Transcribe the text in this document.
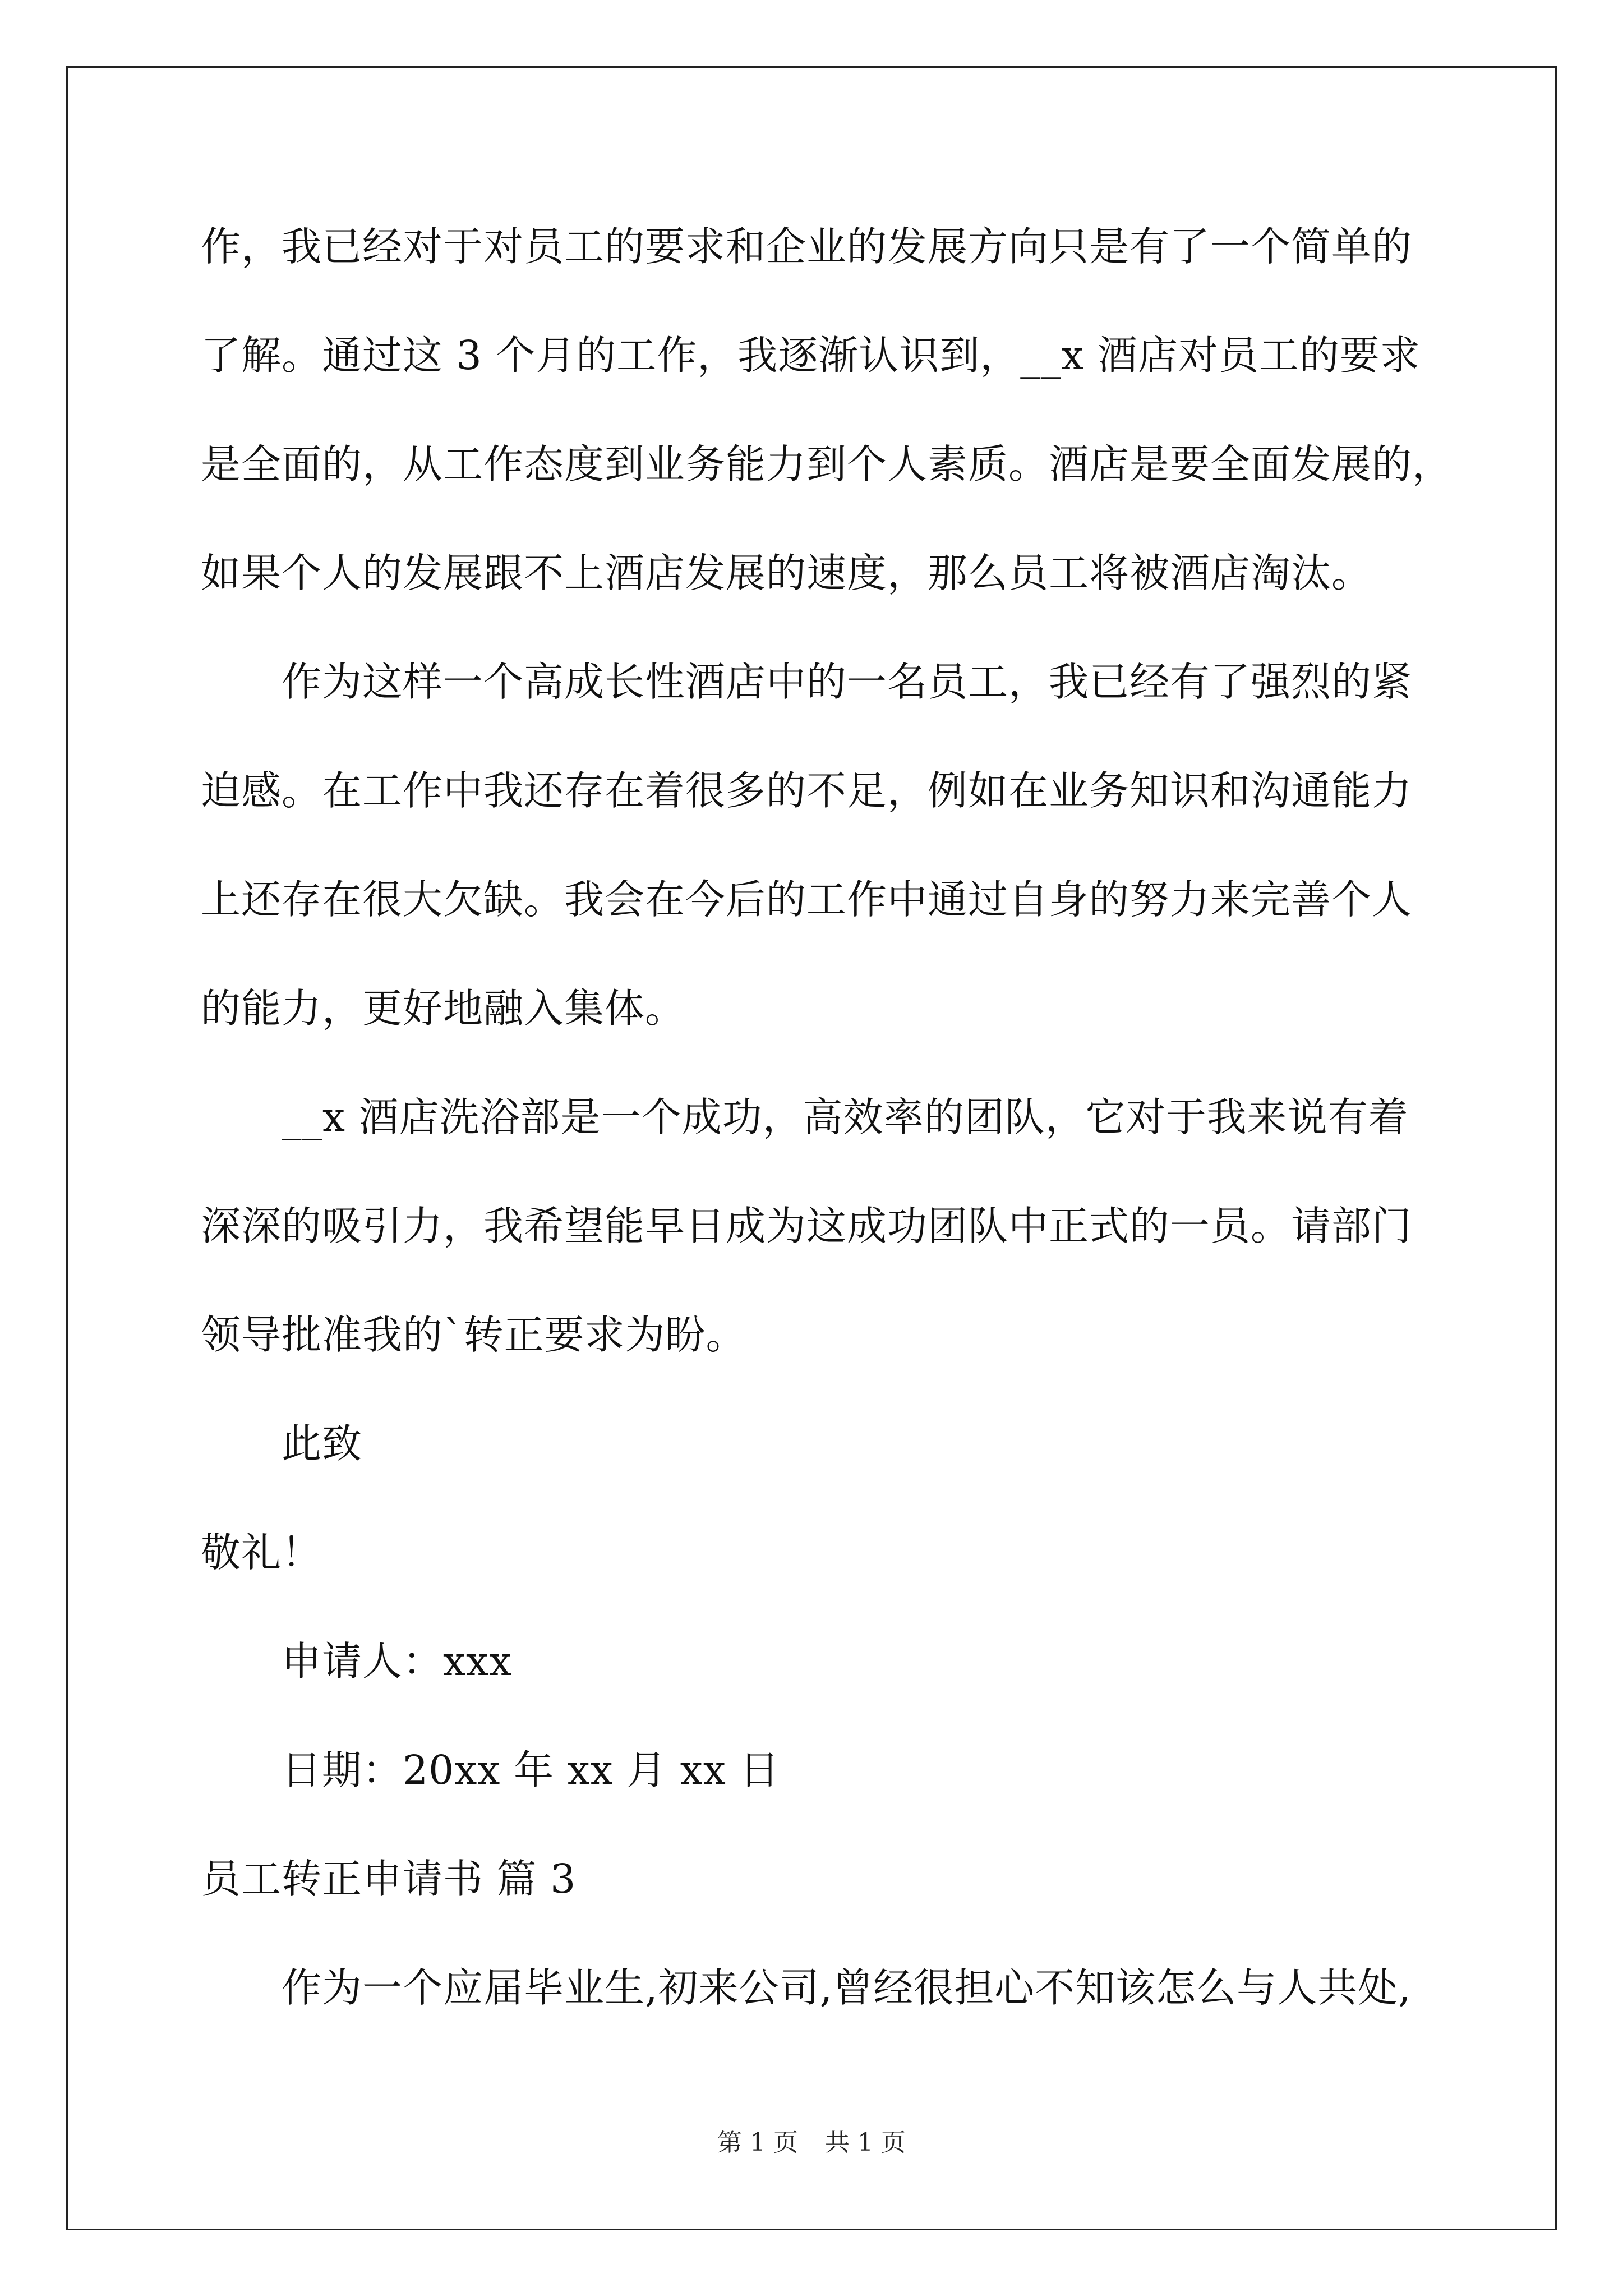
作，我已经对于对员工的要求和企业的发展方向只是有了一个简单的
了解。通过这 3 个月的工作，我逐渐认识到，__x 酒店对员工的要求
是全面的，从工作态度到业务能力到个人素质。酒店是要全面发展的，
如果个人的发展跟不上酒店发展的速度，那么员工将被酒店淘汰。
作为这样一个高成长性酒店中的一名员工，我已经有了强烈的紧
迫感。在工作中我还存在着很多的不足，例如在业务知识和沟通能力
上还存在很大欠缺。我会在今后的工作中通过自身的努力来完善个人
的能力，更好地融入集体。
__x 酒店洗浴部是一个成功，高效率的团队，它对于我来说有着
深深的吸引力，我希望能早日成为这成功团队中正式的一员。请部门
领导批准我的`转正要求为盼。
此致
敬礼！
申请人：xxx
日期：20xx 年 xx 月 xx 日
员工转正申请书 篇 3
作为一个应届毕业生,初来公司,曾经很担心不知该怎么与人共处,
第 1 页 共 1 页
